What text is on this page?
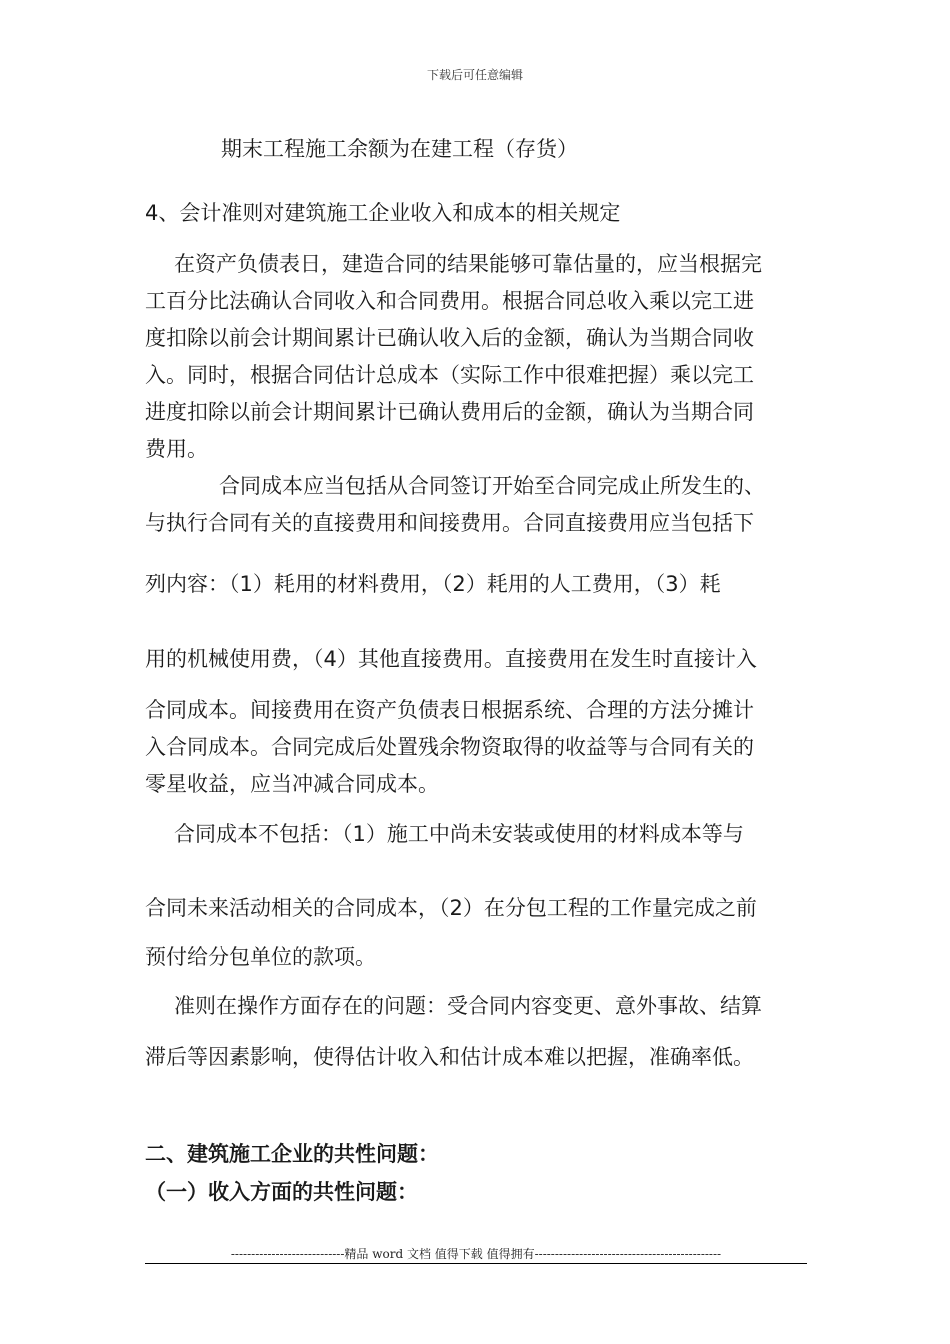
下载后可任意编辑
期末工程施工余额为在建工程（存货）
4、会计准则对建筑施工企业收入和成本的相关规定
在资产负债表日，建造合同的结果能够可靠估量的，应当根据完
工百分比法确认合同收入和合同费用。根据合同总收入乘以完工进
度扣除以前会计期间累计已确认收入后的金额，确认为当期合同收
入。同时，根据合同估计总成本（实际工作中很难把握）乘以完工
进度扣除以前会计期间累计已确认费用后的金额，确认为当期合同
费用。
合同成本应当包括从合同签订开始至合同完成止所发生的、
与执行合同有关的直接费用和间接费用。合同直接费用应当包括下
列内容：（1）耗用的材料费用，（2）耗用的人工费用，（3）耗
用的机械使用费，（4）其他直接费用。直接费用在发生时直接计入
合同成本。间接费用在资产负债表日根据系统、合理的方法分摊计
入合同成本。合同完成后处置残余物资取得的收益等与合同有关的
零星收益，应当冲减合同成本。
合同成本不包括：（1）施工中尚未安装或使用的材料成本等与
合同未来活动相关的合同成本，（2）在分包工程的工作量完成之前
预付给分包单位的款项。
准则在操作方面存在的问题：受合同内容变更、意外事故、结算
滞后等因素影响，使得估计收入和估计成本难以把握，准确率低。
二、建筑施工企业的共性问题：
（一）收入方面的共性问题：
----------------------------精品 word 文档 值得下载 值得拥有----------------------------------------------
